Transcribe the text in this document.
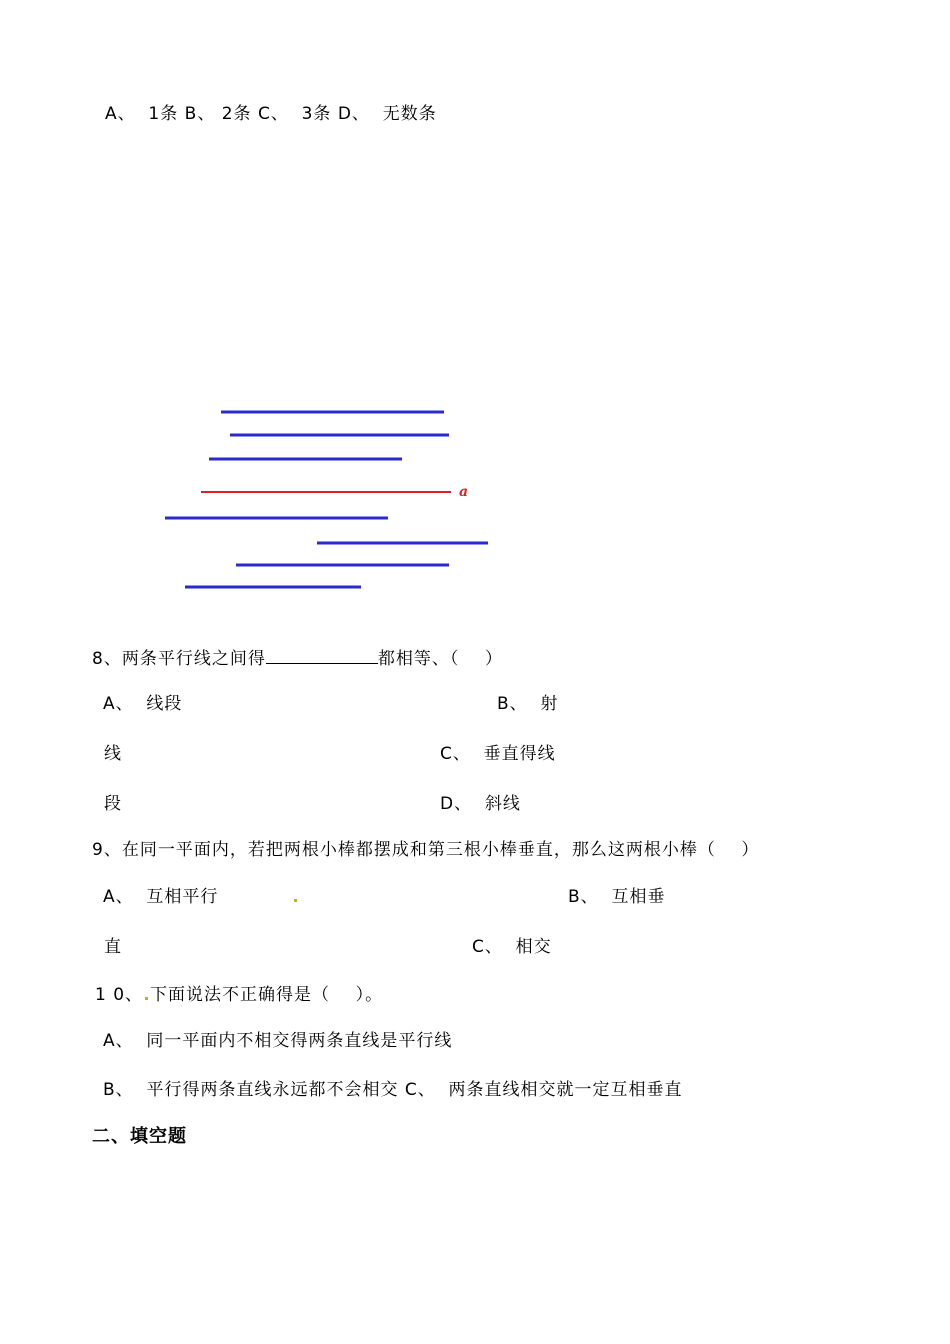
A、  1条 B、 2条 C、  3条 D、  无数条
a
8、两条平行线之间得	都相等、（    ）
A、  线段	B、  射
线	C、  垂直得线
段	D、  斜线
9、在同一平面内，若把两根小棒都摆成和第三根小棒垂直，那么这两根小棒（    ）
A、  互相平行	B、  互相垂
直	C、  相交
1 0、 下面说法不正确得是（    ）。
A、  同一平面内不相交得两条直线是平行线
B、  平行得两条直线永远都不会相交 C、  两条直线相交就一定互相垂直
二、填空题
